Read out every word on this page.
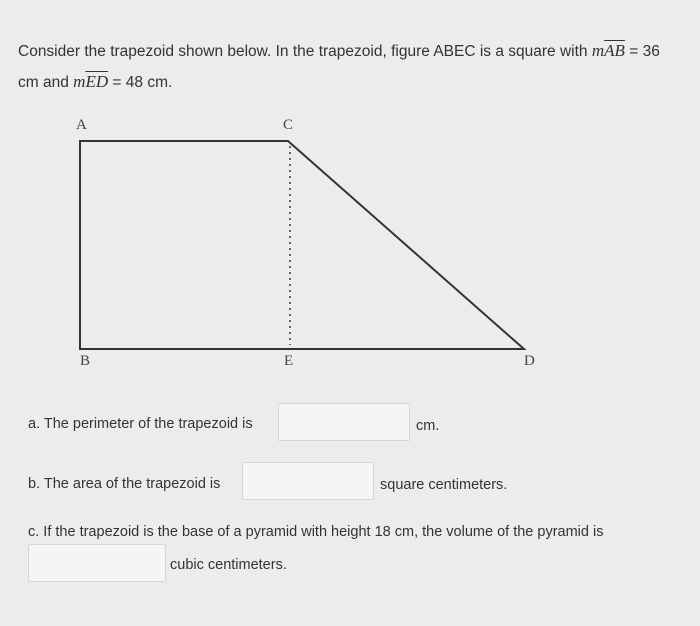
Consider the trapezoid shown below. In the trapezoid, figure ABEC is a square with $m\overline{AB} = 36$
cm and $m\overline{ED} = 48$ cm.

A	C
B	E	D

a. The perimeter of the trapezoid is	cm.

b. The area of the trapezoid is	square centimeters.

c. If the trapezoid is the base of a pyramid with height 18 cm, the volume of the pyramid is

cubic centimeters.
